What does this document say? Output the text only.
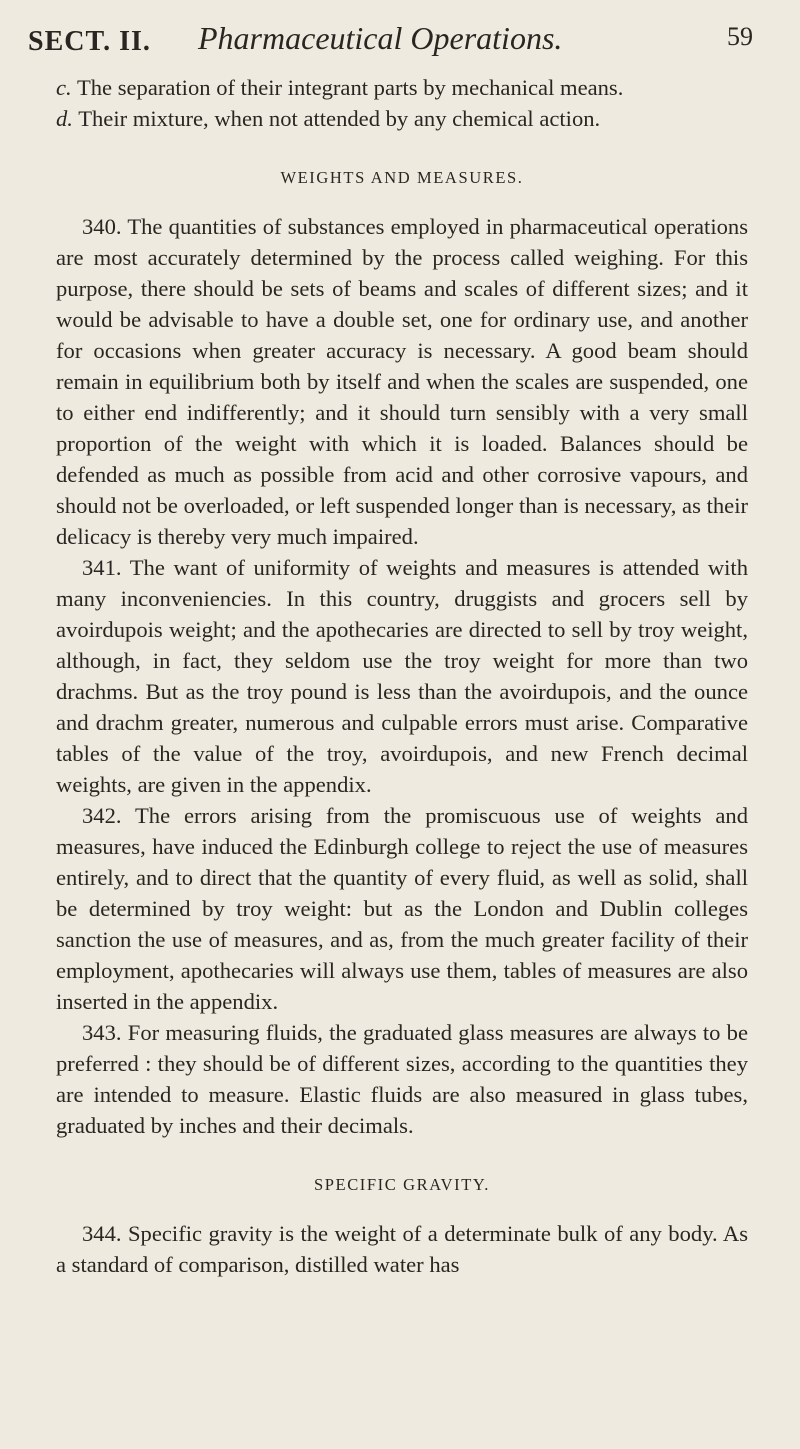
SECT. II. Pharmaceutical Operations.	59
c. The separation of their integrant parts by mechanical means.
d. Their mixture, when not attended by any chemical action.
WEIGHTS AND MEASURES.

340. The quantities of substances employed in pharmaceutical operations are most accurately determined by the process called weighing. For this purpose, there should be sets of beams and scales of different sizes; and it would be advisable to have a double set, one for ordinary use, and another for occasions when greater accuracy is necessary. A good beam should remain in equilibrium both by itself and when the scales are suspended, one to either end indifferently; and it should turn sensibly with a very small proportion of the weight with which it is loaded. Balances should be defended as much as possible from acid and other corrosive vapours, and should not be overloaded, or left suspended longer than is necessary, as their delicacy is thereby very much impaired.

341. The want of uniformity of weights and measures is attended with many inconveniencies. In this country, druggists and grocers sell by avoirdupois weight; and the apothecaries are directed to sell by troy weight, although, in fact, they seldom use the troy weight for more than two drachms. But as the troy pound is less than the avoirdupois, and the ounce and drachm greater, numerous and culpable errors must arise. Comparative tables of the value of the troy, avoirdupois, and new French decimal weights, are given in the appendix.

342. The errors arising from the promiscuous use of weights and measures, have induced the Edinburgh college to reject the use of measures entirely, and to direct that the quantity of every fluid, as well as solid, shall be determined by troy weight: but as the London and Dublin colleges sanction the use of measures, and as, from the much greater facility of their employment, apothecaries will always use them, tables of measures are also inserted in the appendix.

343. For measuring fluids, the graduated glass measures are always to be preferred : they should be of different sizes, according to the quantities they are intended to measure. Elastic fluids are also measured in glass tubes, graduated by inches and their decimals.

SPECIFIC GRAVITY.

344. Specific gravity is the weight of a determinate bulk of any body. As a standard of comparison, distilled water has
